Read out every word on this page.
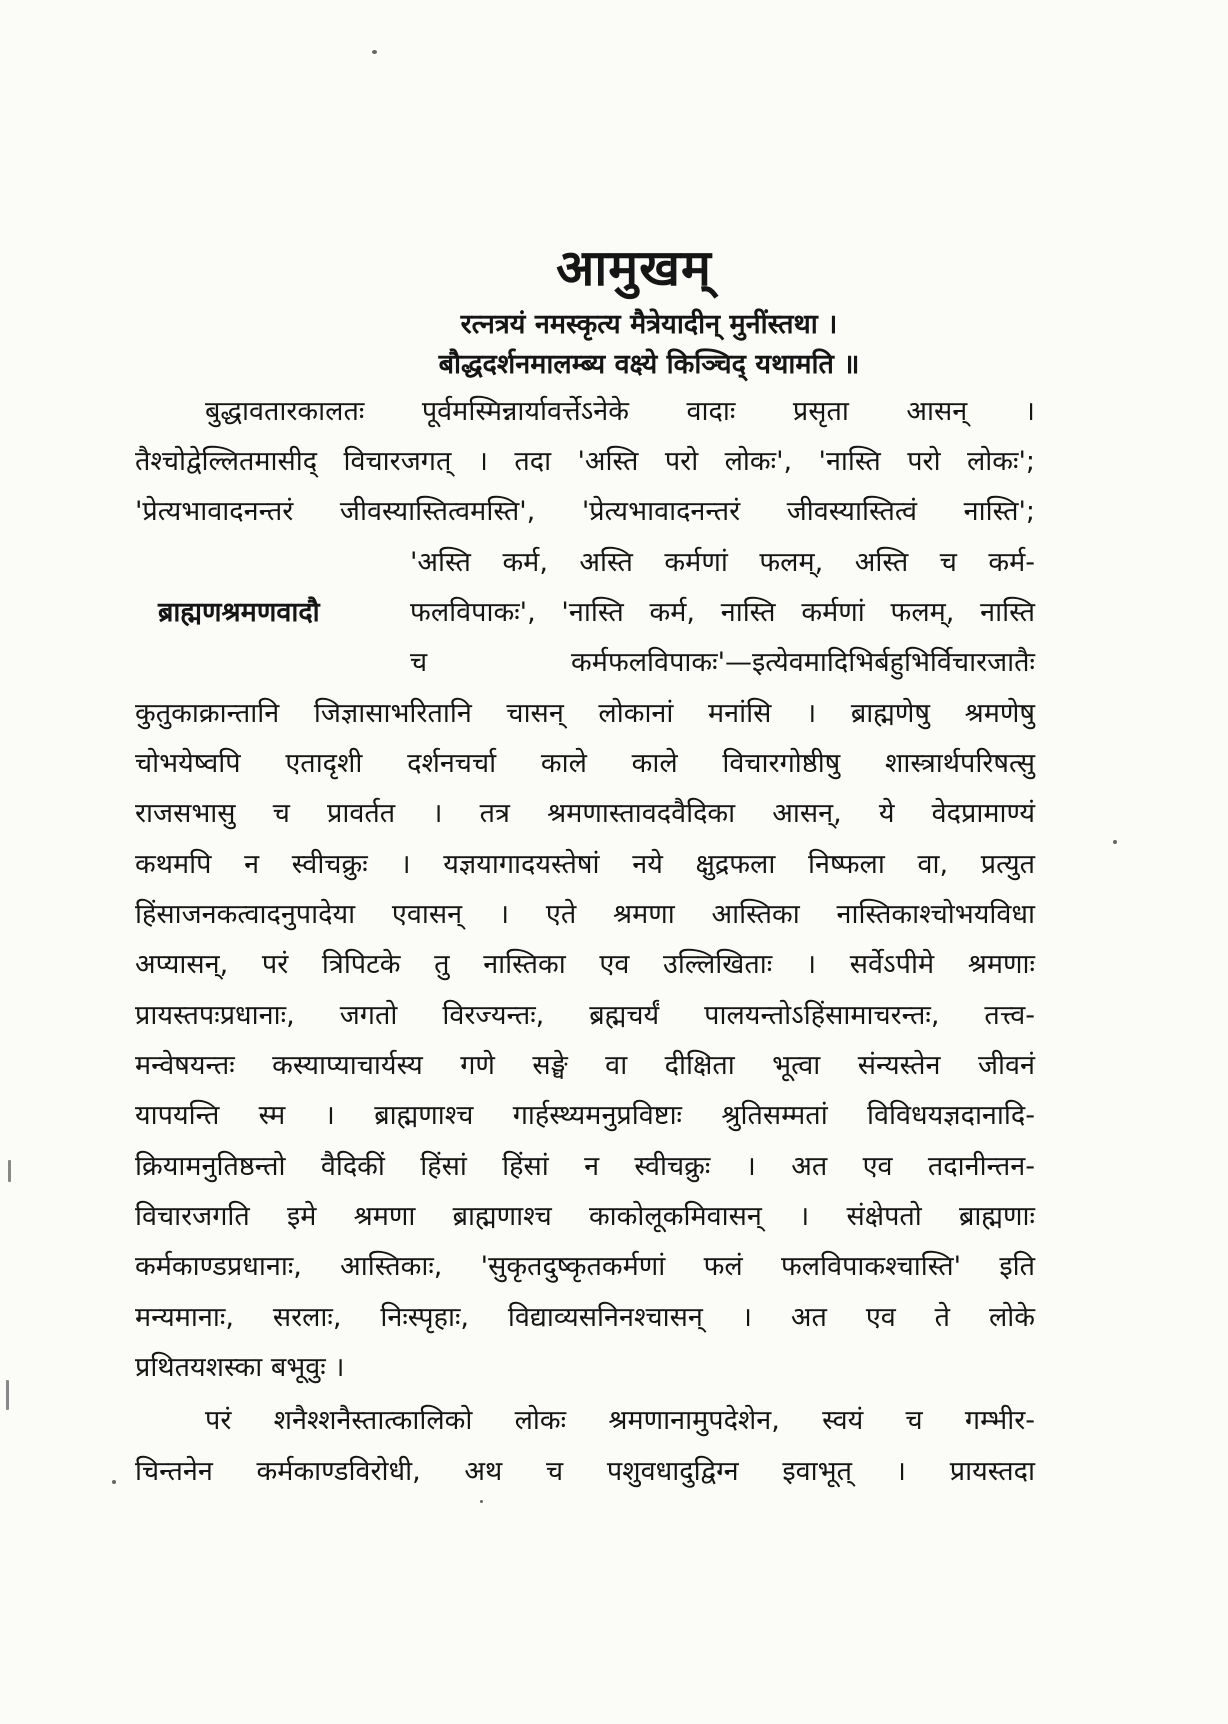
आमुखम्
रत्नत्रयं नमस्कृत्य मैत्रेयादीन् मुनींस्तथा ।
बौद्धदर्शनमालम्ब्य वक्ष्ये किञ्चिद् यथामति ॥
बुद्धावतारकालतः पूर्वमस्मिन्नार्यावर्त्तेऽनेके वादाः प्रसृता आसन् ।
तैश्चोद्वेल्लितमासीद् विचारजगत् । तदा 'अस्ति परो लोकः', 'नास्ति परो लोकः';
'प्रेत्यभावादनन्तरं जीवस्यास्तित्वमस्ति', 'प्रेत्यभावादनन्तरं जीवस्यास्तित्वं नास्ति';
'अस्ति कर्म, अस्ति कर्मणां फलम्, अस्ति च कर्म-
ब्राह्मणश्रमणवादौ	फलविपाकः', 'नास्ति कर्म, नास्ति कर्मणां फलम्, नास्ति
च कर्मफलविपाकः'—इत्येवमादिभिर्बहुभिर्विचारजातैः
कुतुकाक्रान्तानि जिज्ञासाभरितानि चासन् लोकानां मनांसि । ब्राह्मणेषु श्रमणेषु
चोभयेष्वपि एतादृशी दर्शनचर्चा काले काले विचारगोष्ठीषु शास्त्रार्थपरिषत्सु
राजसभासु च प्रावर्तत । तत्र श्रमणास्तावदवैदिका आसन्, ये वेदप्रामाण्यं
कथमपि न स्वीचक्रुः । यज्ञयागादयस्तेषां नये क्षुद्रफला निष्फला वा, प्रत्युत
हिंसाजनकत्वादनुपादेया एवासन् । एते श्रमणा आस्तिका नास्तिकाश्चोभयविधा
अप्यासन्, परं त्रिपिटके तु नास्तिका एव उल्लिखिताः । सर्वेऽपीमे श्रमणाः
प्रायस्तपःप्रधानाः, जगतो विरज्यन्तः, ब्रह्मचर्यं पालयन्तोऽहिंसामाचरन्तः, तत्त्व-
मन्वेषयन्तः कस्याप्याचार्यस्य गणे सङ्घे वा दीक्षिता भूत्वा संन्यस्तेन जीवनं
यापयन्ति स्म । ब्राह्मणाश्च गार्हस्थ्यमनुप्रविष्टाः श्रुतिसम्मतां विविधयज्ञदानादि-
क्रियामनुतिष्ठन्तो वैदिकीं हिंसां हिंसां न स्वीचक्रुः । अत एव तदानीन्तन-
विचारजगति इमे श्रमणा ब्राह्मणाश्च काकोलूकमिवासन् । संक्षेपतो ब्राह्मणाः
कर्मकाण्डप्रधानाः, आस्तिकाः, 'सुकृतदुष्कृतकर्मणां फलं फलविपाकश्चास्ति' इति
मन्यमानाः, सरलाः, निःस्पृहाः, विद्याव्यसनिनश्चासन् । अत एव ते लोके
प्रथितयशस्का बभूवुः ।
परं शनैश्शनैस्तात्कालिको लोकः श्रमणानामुपदेशेन, स्वयं च गम्भीर-
चिन्तनेन कर्मकाण्डविरोधी, अथ च पशुवधादुद्विग्न इवाभूत् । प्रायस्तदा
